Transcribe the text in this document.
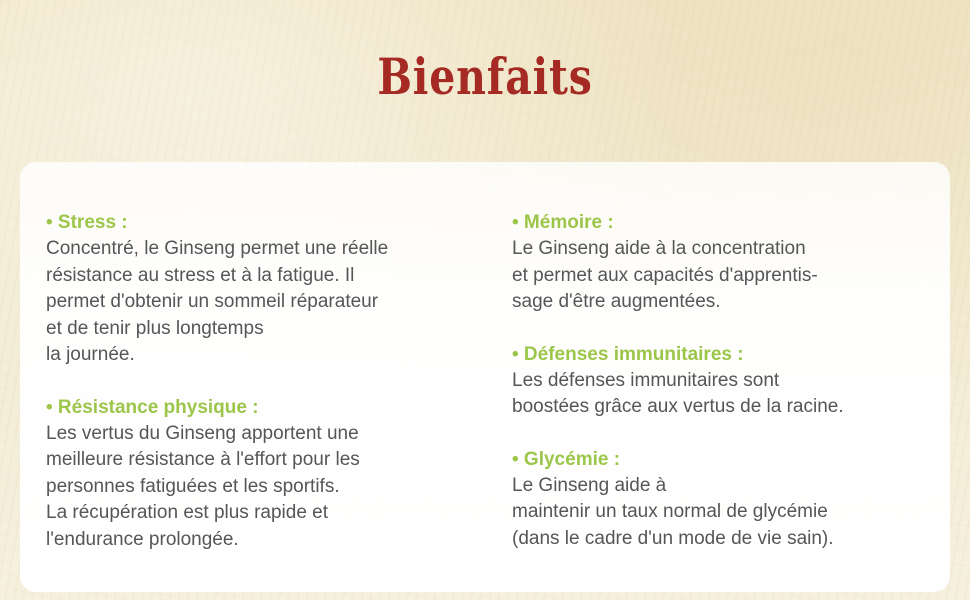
Bienfaits
• Stress :
Concentré, le Ginseng permet une réelle
résistance au stress et à la fatigue. Il
permet d'obtenir un sommeil réparateur
et de tenir plus longtemps
la journée.
• Résistance physique :
Les vertus du Ginseng apportent une
meilleure résistance à l'effort pour les
personnes fatiguées et les sportifs.
La récupération est plus rapide et
l'endurance prolongée.
• Mémoire :
Le Ginseng aide à la concentration
et permet aux capacités d'apprentis-
sage d'être augmentées.
• Défenses immunitaires :
Les défenses immunitaires sont
boostées grâce aux vertus de la racine.
• Glycémie :
Le Ginseng aide à
maintenir un taux normal de glycémie
(dans le cadre d'un mode de vie sain).
